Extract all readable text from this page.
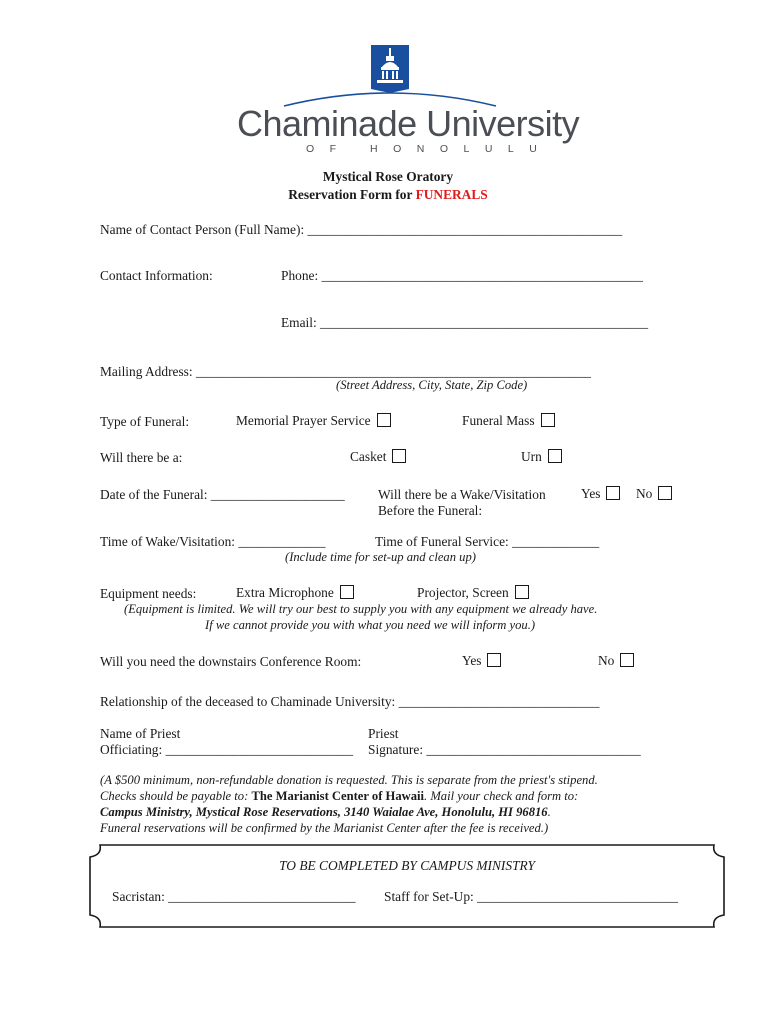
Chaminade University
OF HONOLULU
Mystical Rose Oratory
Reservation Form for FUNERALS
Name of Contact Person (Full Name): _______________________________________________
Contact Information:	Phone: ________________________________________________
Email: _________________________________________________
Mailing Address: ___________________________________________________________
(Street Address, City, State, Zip Code)
Type of Funeral:	Memorial Prayer Service	Funeral Mass
Will there be a:	Casket	Urn
Date of the Funeral: ____________________ Will there be a Wake/Visitation	Yes	No
Before the Funeral:
Time of Wake/Visitation: _____________	Time of Funeral Service: _____________
(Include time for set-up and clean up)
Equipment needs:	Extra Microphone	Projector, Screen
(Equipment is limited. We will try our best to supply you with any equipment we already have.
If we cannot provide you with what you need we will inform you.)
Will you need the downstairs Conference Room:	Yes	No
Relationship of the deceased to Chaminade University: ______________________________
Name of Priest
Officiating: ____________________________
Priest
Signature: ________________________________
(A $500 minimum, non-refundable donation is requested. This is separate from the priest's stipend.
Checks should be payable to: The Marianist Center of Hawaii. Mail your check and form to:
Campus Ministry, Mystical Rose Reservations, 3140 Waialae Ave, Honolulu, HI 96816.
Funeral reservations will be confirmed by the Marianist Center after the fee is received.)
TO BE COMPLETED BY CAMPUS MINISTRY
Sacristan: ____________________________ Staff for Set-Up: ______________________________
